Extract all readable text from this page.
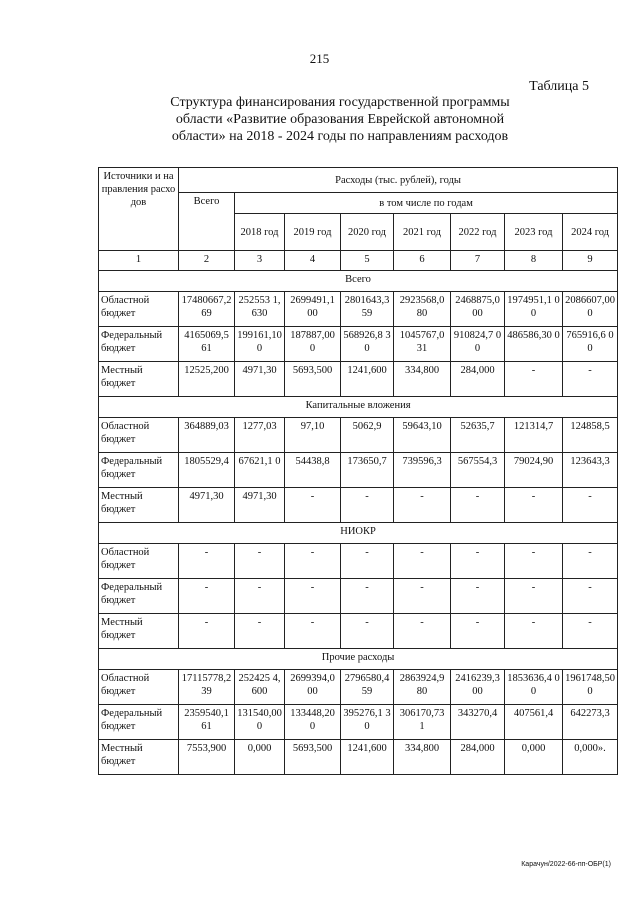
215
Таблица 5
Структура финансирования государственной программы
области «Развитие образования Еврейской автономной
области» на 2018 - 2024 годы по направлениям расходов
Источники и направления расходов	Расходы (тыс. рублей), годы							
	Всего	в том числе по годам						
		2018 год	2019 год	2020 год	2021 год	2022 год	2023 год	2024 год
1	2	3	4	5	6	7	8	9
Всего								
Областной бюджет	17480667,269	252553 1,630	2699491,1 00	2801643,359	2923568,0 80	2468875,000	1974951,1 00	2086607,000
Федеральный бюджет	4165069,5 61	199161,100	187887,00 0	568926,8 30	1045767,0 31	910824,7 00	486586,30 0	765916,6 00
Местный бюджет	12525,200	4971,30	5693,500	1241,600	334,800	284,000	-	-
Капитальные вложения								
Областной бюджет	364889,03	1277,03	97,10	5062,9	59643,10	52635,7	121314,7	124858,5
Федеральный бюджет	1805529,4	67621,1 0	54438,8	173650,7	739596,3	567554,3	79024,90	123643,3
Местный бюджет	4971,30	4971,30	-	-	-	-	-	-
НИОКР								
Областной бюджет	-	-	-	-	-	-	-	-
Федеральный бюджет	-	-	-	-	-	-	-	-
Местный бюджет	-	-	-	-	-	-	-	-
Прочие расходы								
Областной бюджет	17115778,239	252425 4,600	2699394,0 00	2796580,459	2863924,9 80	2416239,300	1853636,4 00	1961748,500
Федеральный бюджет	2359540,1 61	131540,000	133448,20 0	395276,1 30	306170,73 1	343270,4	407561,4	642273,3
Местный бюджет	7553,900	0,000	5693,500	1241,600	334,800	284,000	0,000	0,000».
Карачун/2022-66-пп-ОБР(1)
